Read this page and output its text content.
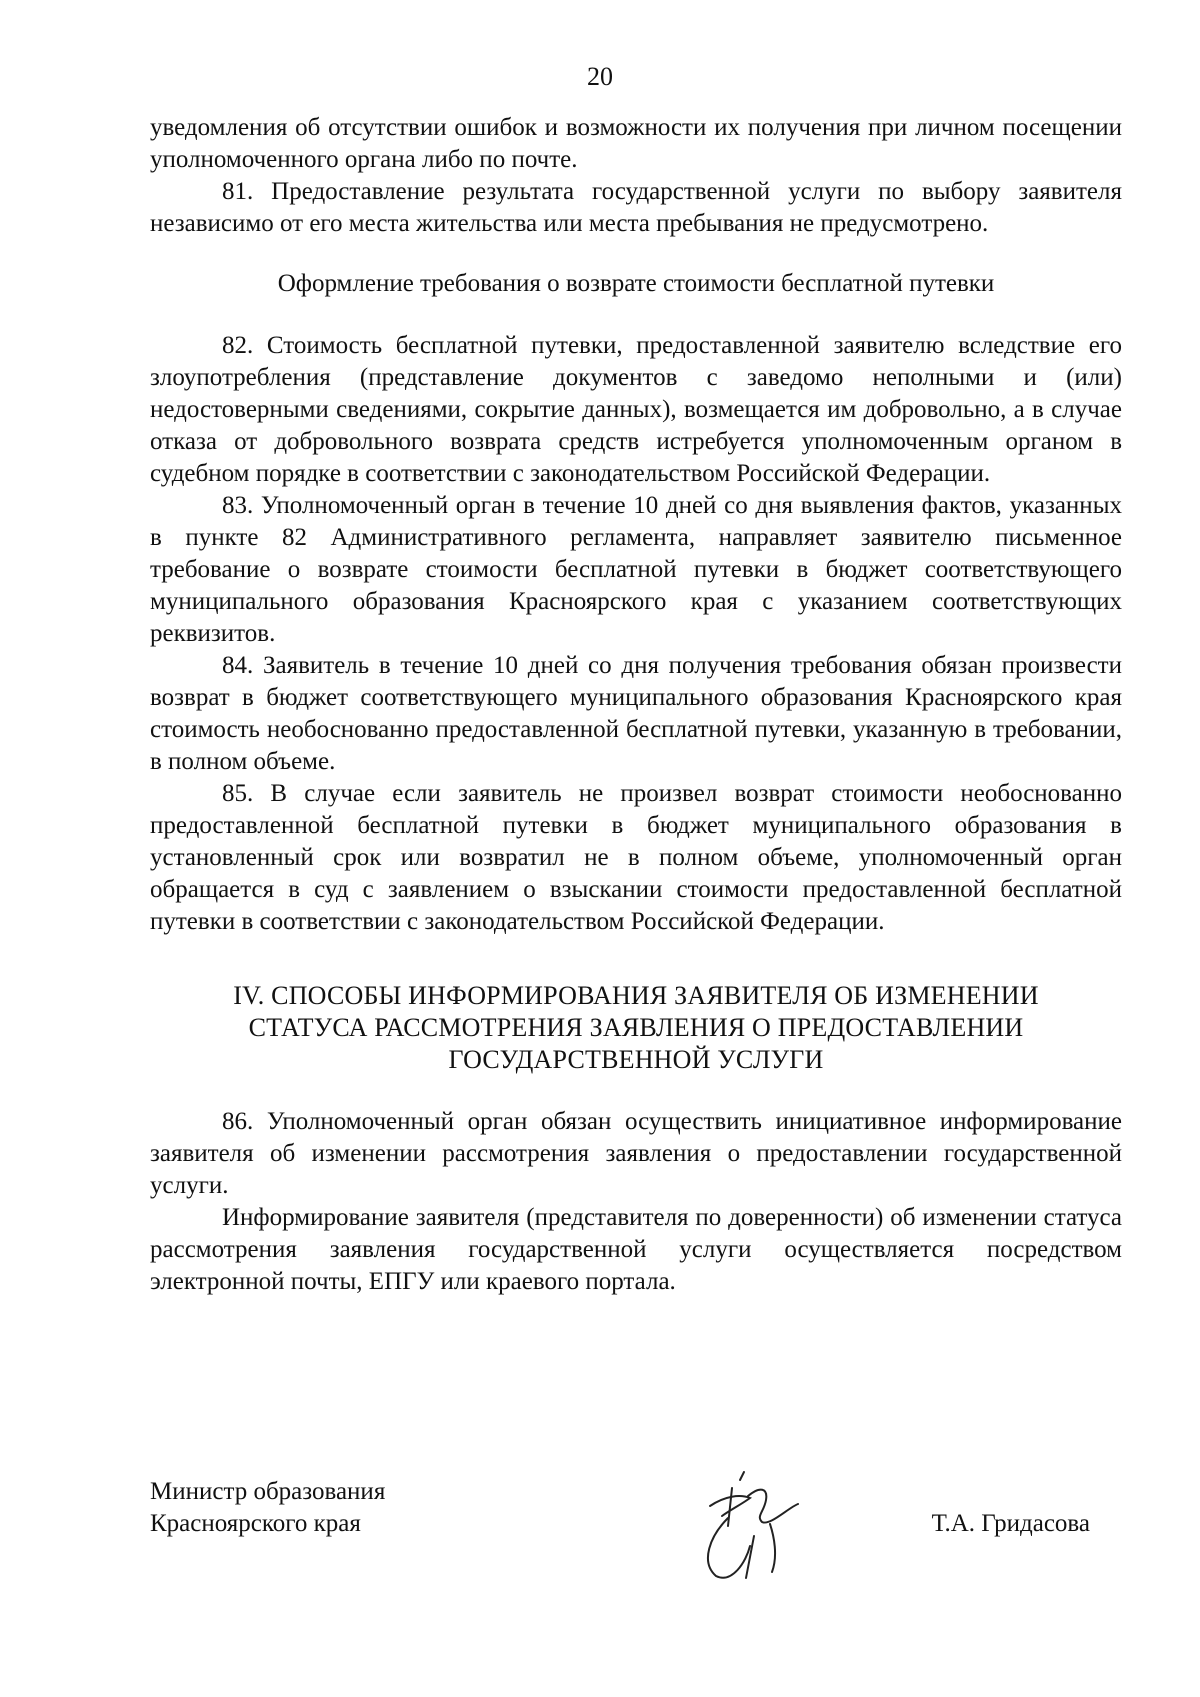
20

уведомления об отсутствии ошибок и возможности их получения при личном посещении уполномоченного органа либо по почте.

81. Предоставление результата государственной услуги по выбору заявителя независимо от его места жительства или места пребывания не предусмотрено.

Оформление требования о возврате стоимости бесплатной путевки

82. Стоимость бесплатной путевки, предоставленной заявителю вследствие его злоупотребления (представление документов с заведомо неполными и (или) недостоверными сведениями, сокрытие данных), возмещается им добровольно, а в случае отказа от добровольного возврата средств истребуется уполномоченным органом в судебном порядке в соответствии с законодательством Российской Федерации.

83. Уполномоченный орган в течение 10 дней со дня выявления фактов, указанных в пункте 82 Административного регламента, направляет заявителю письменное требование о возврате стоимости бесплатной путевки в бюджет соответствующего муниципального образования Красноярского края с указанием соответствующих реквизитов.

84. Заявитель в течение 10 дней со дня получения требования обязан произвести возврат в бюджет соответствующего муниципального образования Красноярского края стоимость необоснованно предоставленной бесплатной путевки, указанную в требовании, в полном объеме.

85. В случае если заявитель не произвел возврат стоимости необоснованно предоставленной бесплатной путевки в бюджет муниципального образования в установленный срок или возвратил не в полном объеме, уполномоченный орган обращается в суд с заявлением о взыскании стоимости предоставленной бесплатной путевки в соответствии с законодательством Российской Федерации.

IV. СПОСОБЫ ИНФОРМИРОВАНИЯ ЗАЯВИТЕЛЯ ОБ ИЗМЕНЕНИИ
СТАТУСА РАССМОТРЕНИЯ ЗАЯВЛЕНИЯ О ПРЕДОСТАВЛЕНИИ
ГОСУДАРСТВЕННОЙ УСЛУГИ

86. Уполномоченный орган обязан осуществить инициативное информирование заявителя об изменении рассмотрения заявления о предоставлении государственной услуги.

Информирование заявителя (представителя по доверенности) об изменении статуса рассмотрения заявления государственной услуги осуществляется посредством электронной почты, ЕПГУ или краевого портала.

Министр образования
Красноярского края	Т.А. Гридасова
